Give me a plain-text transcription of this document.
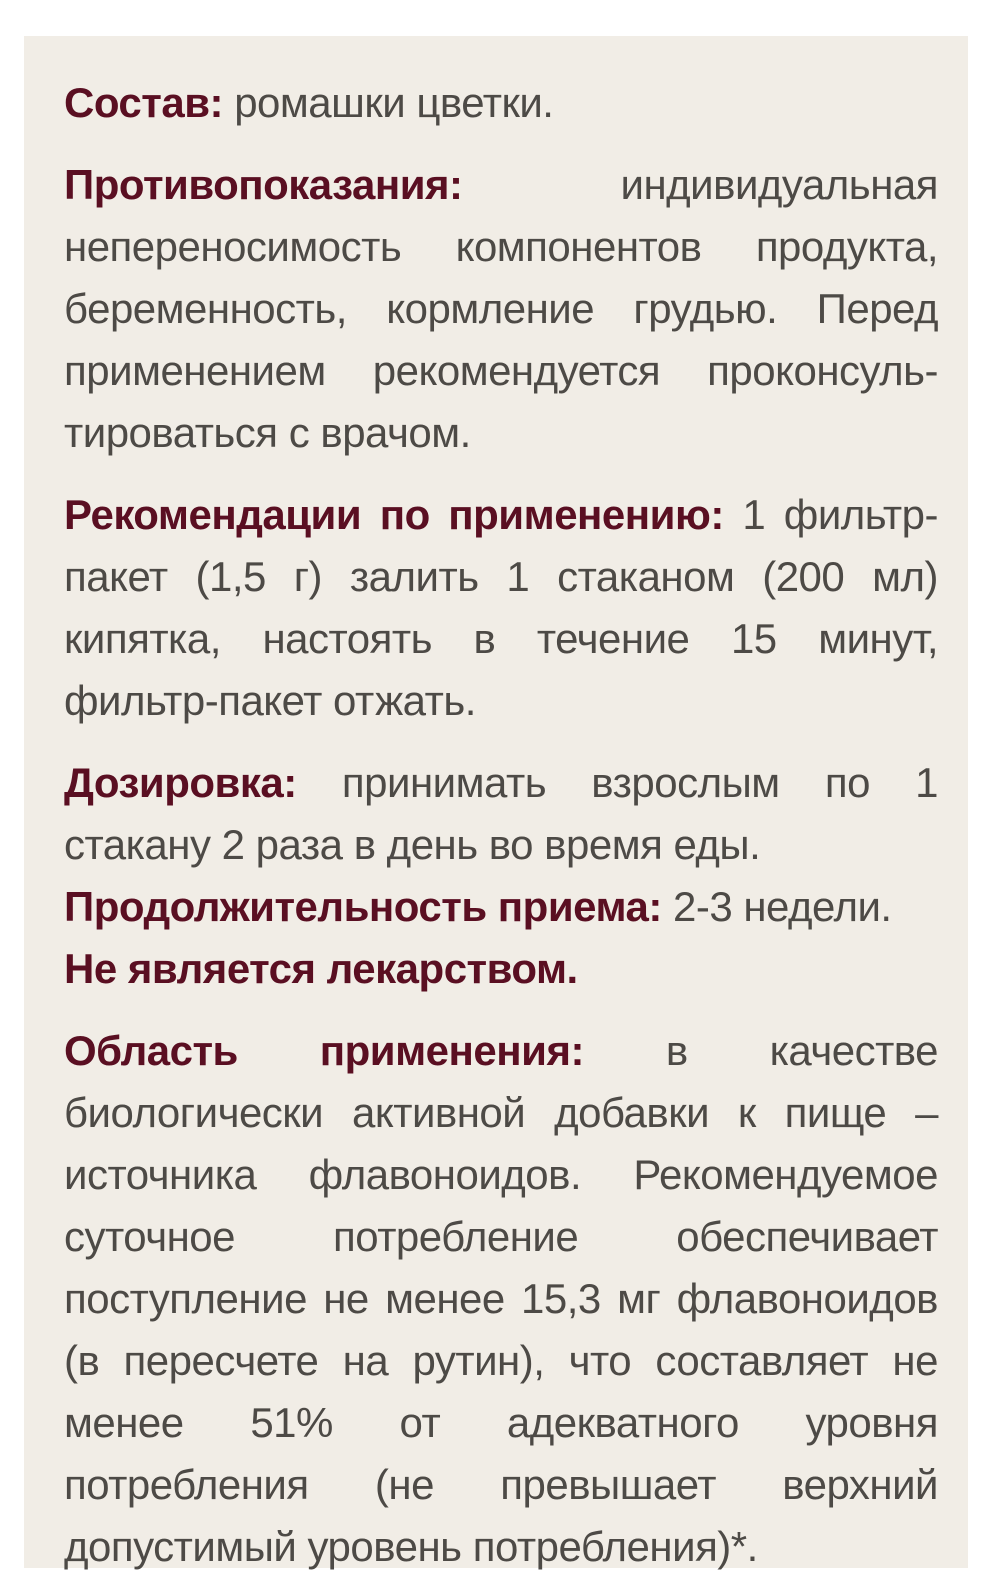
Состав: ромашки цветки.

Противопоказания: индивидуальная непереносимость компонентов продукта, беременность, кормление грудью. Перед применением рекомендуется проконсуль-тироваться с врачом.

Рекомендации по применению: 1 фильтр-пакет (1,5 г) залить 1 стаканом (200 мл) кипятка, настоять в течение 15 минут, фильтр-пакет отжать.

Дозировка: принимать взрослым по 1 стакану 2 раза в день во время еды.

Продолжительность приема: 2-3 недели.

Не является лекарством.

Область применения: в качестве биологически активной добавки к пище – источника флавоноидов. Рекомендуемое суточное потребление обеспечивает поступление не менее 15,3 мг флавоноидов (в пересчете на рутин), что составляет не менее 51% от адекватного уровня потребления (не превышает верхний допустимый уровень потребления)*.
